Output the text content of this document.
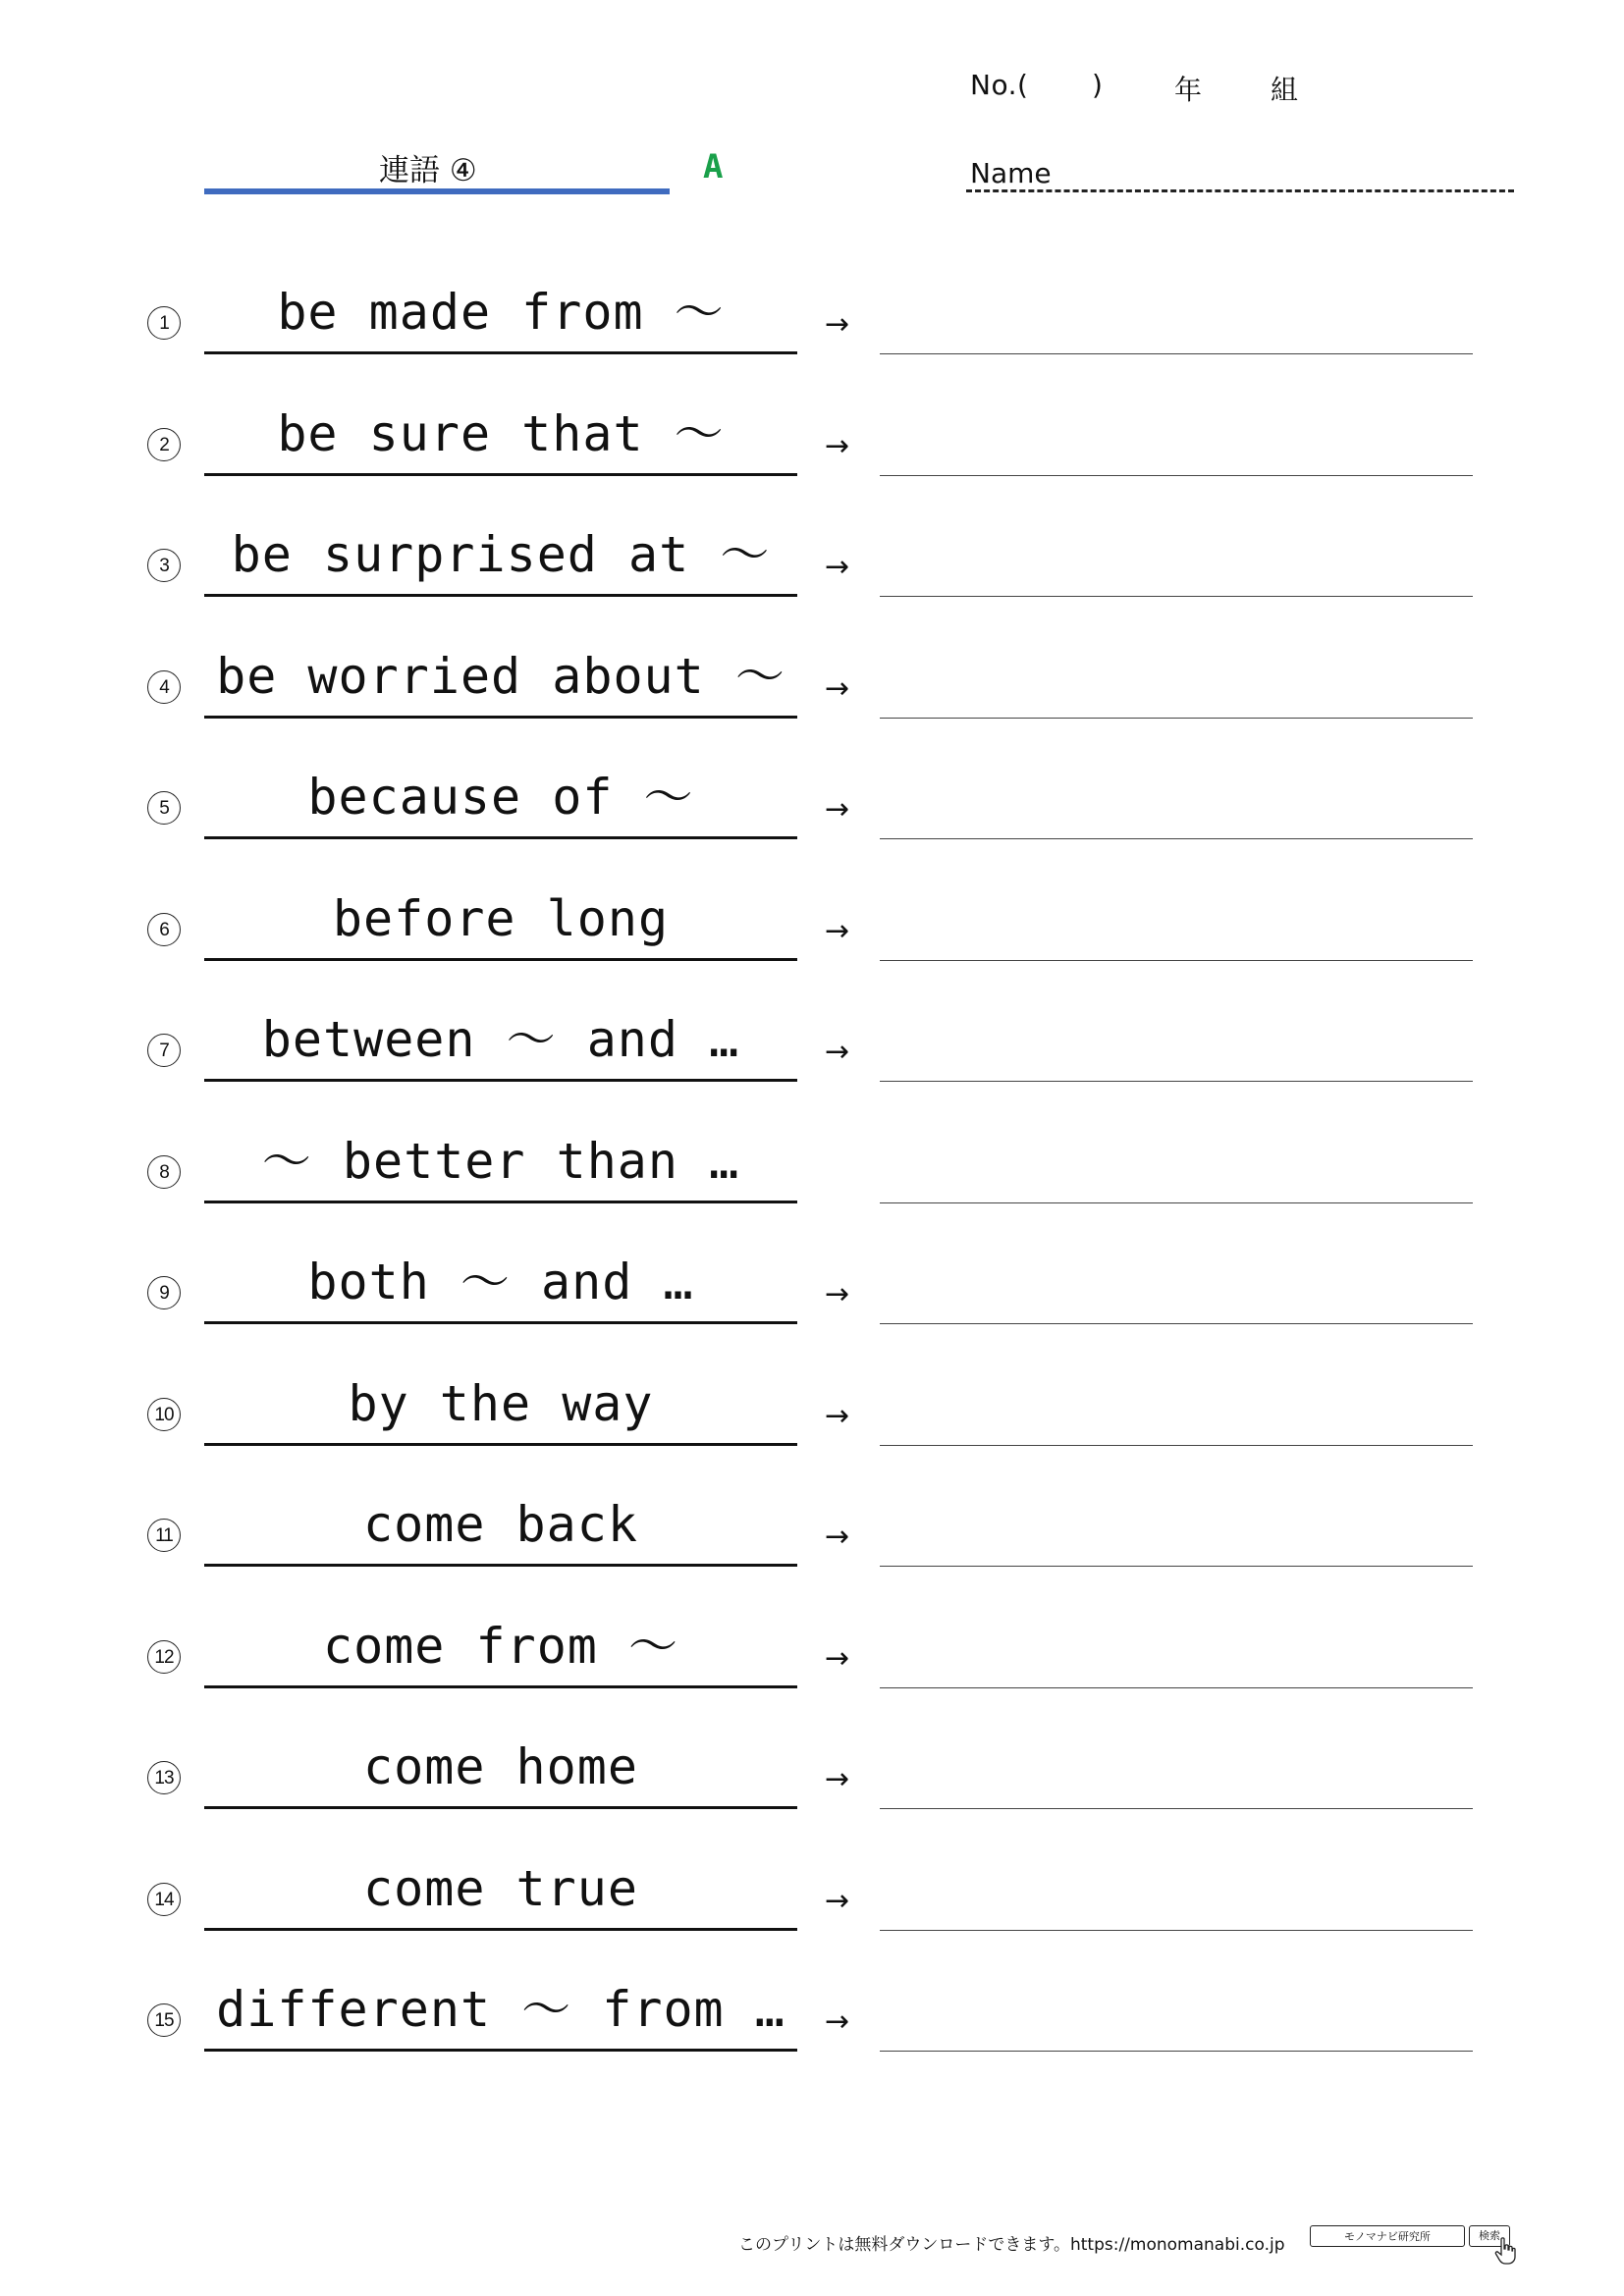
No.( )	年 組
連語 ④	A	Name
1	be made from 〜	→
2	be sure that 〜	→
3	be surprised at 〜	→
4 be worried about 〜	→
5	because of 〜	→
6	before long	→
7	between 〜 and …	→
8	〜 better than …
9	both 〜 and …	→
10	by the way	→
11	come back	→
12	come from 〜	→
13	come home	→
14	come true	→
15 different 〜 from …	→
このプリントは無料ダウンロードできます。https://monomanabi.co.jp	モノマナビ研究所	検索
